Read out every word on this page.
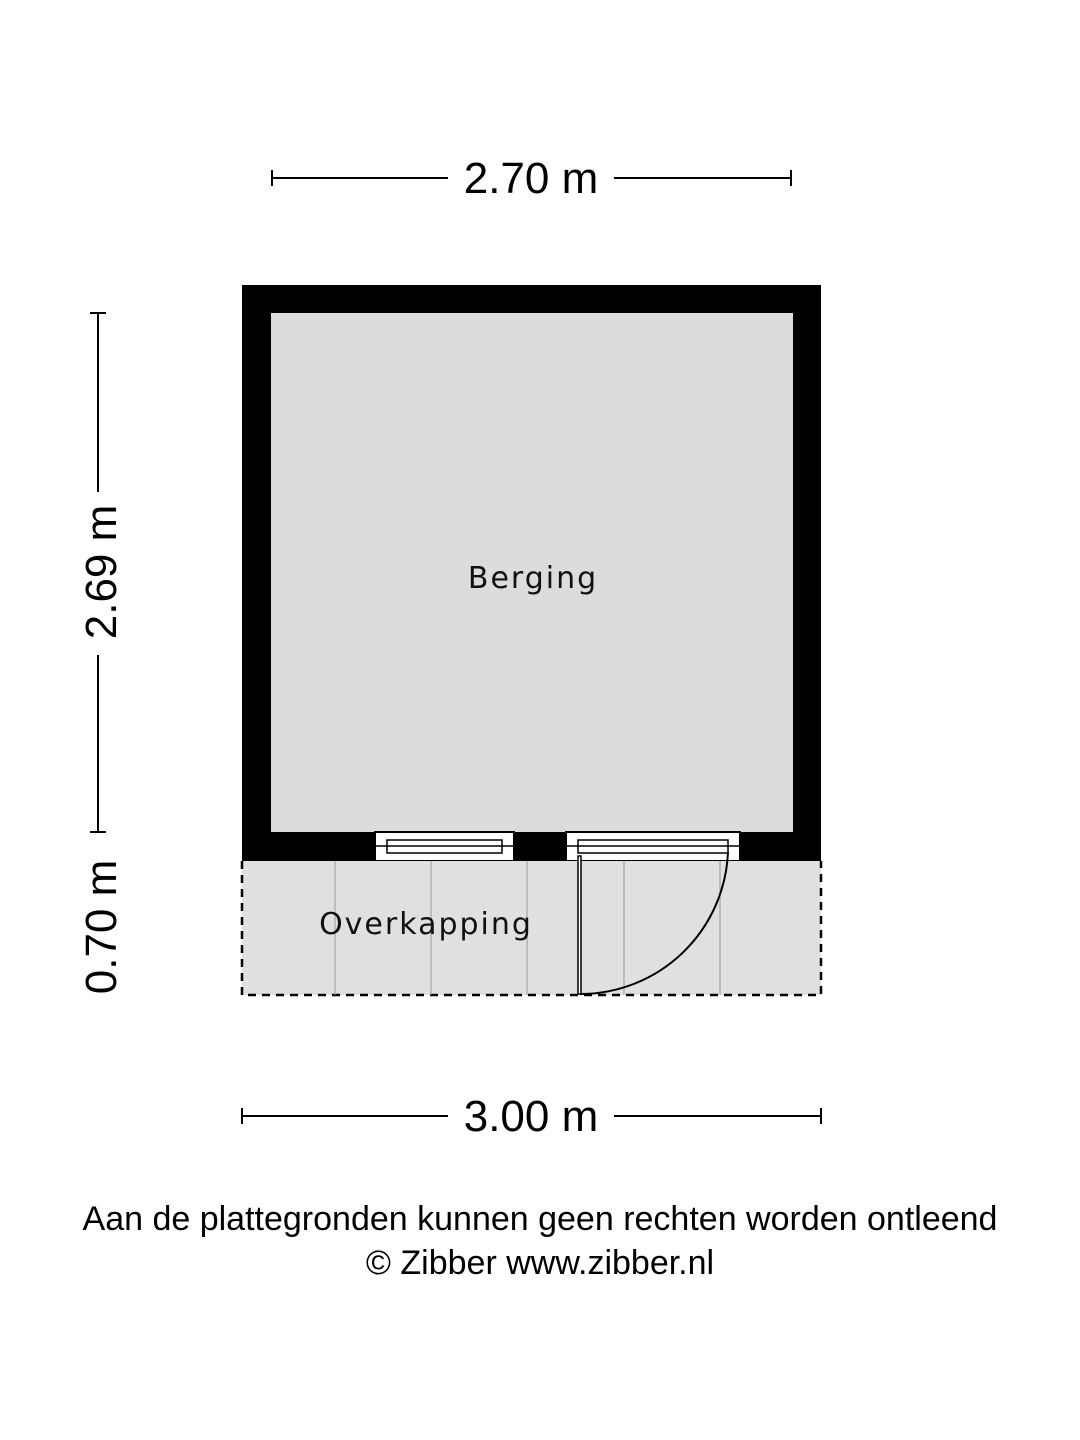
2.70 m
Berging
Overkapping
2.69 m
0.70 m
3.00 m
Aan de plattegronden kunnen geen rechten worden ontleend
© Zibber www.zibber.nl
